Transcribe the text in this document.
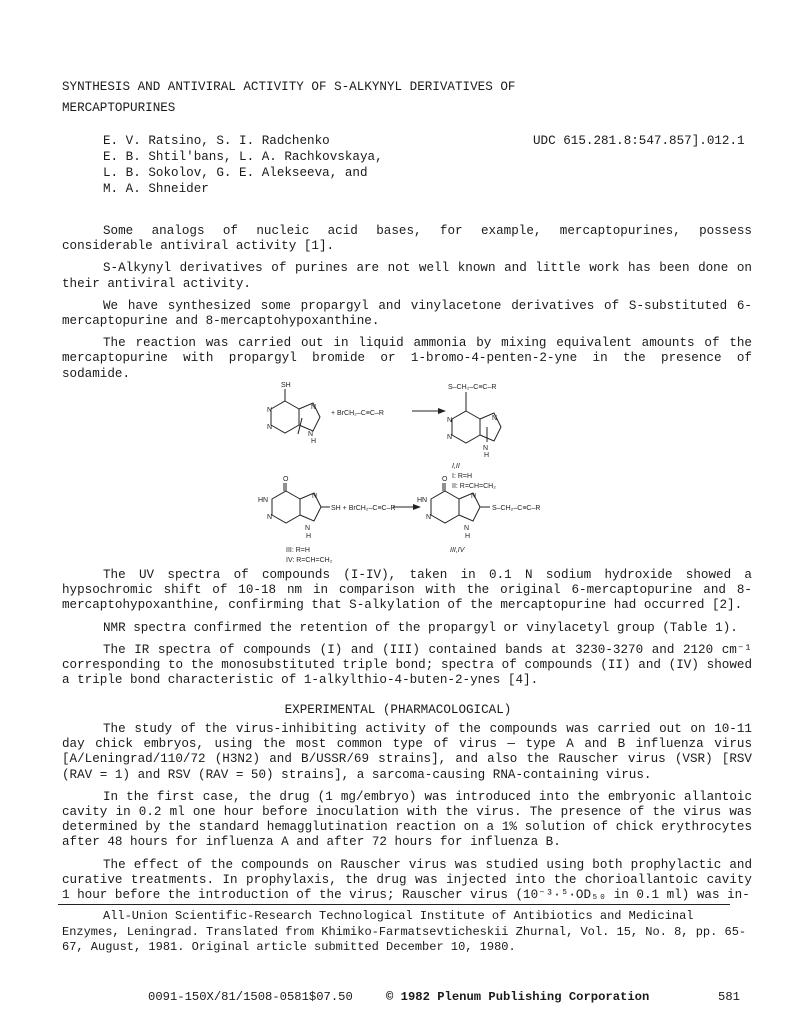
SYNTHESIS AND ANTIVIRAL ACTIVITY OF S-ALKYNYL DERIVATIVES OF
MERCAPTOPURINES
E. V. Ratsino, S. I. Radchenko
E. B. Shtil'bans, L. A. Rachkovskaya,
L. B. Sokolov, G. E. Alekseeva, and
M. A. Shneider
UDC 615.281.8:547.857].012.1

Some analogs of nucleic acid bases, for example, mercaptopurines, possess considerable antiviral activity [1].

S-Alkynyl derivatives of purines are not well known and little work has been done on their antiviral activity.

We have synthesized some propargyl and vinylacetone derivatives of S-substituted 6-mercaptopurine and 8-mercaptohypoxanthine.

The reaction was carried out in liquid ammonia by mixing equivalent amounts of the mercaptopurine with propargyl bromide or 1-bromo-4-penten-2-yne in the presence of sodamide.

SH
N
N
N
N
H
+ BrCH₂–C≡C–R
S–CH₂–C≡C–R
N
N
N
N
H
I,II
I: R=H
II: R=CH=CH₂
O
HN
N
N
N
H
SH + BrCH₂–C≡C–R
III: R=H
IV: R=CH=CH₂
O
HN
N
N
N
H
S–CH₂–C≡C–R
III,IV

The UV spectra of compounds (I-IV), taken in 0.1 N sodium hydroxide showed a hypsochromic shift of 10-18 nm in comparison with the original 6-mercaptopurine and 8-mercaptohypoxanthine, confirming that S-alkylation of the mercaptopurine had occurred [2].

NMR spectra confirmed the retention of the propargyl or vinylacetyl group (Table 1).

The IR spectra of compounds (I) and (III) contained bands at 3230-3270 and 2120 cm⁻¹ corresponding to the monosubstituted triple bond; spectra of compounds (II) and (IV) showed a triple bond characteristic of 1-alkylthio-4-buten-2-ynes [4].

EXPERIMENTAL (PHARMACOLOGICAL)

The study of the virus-inhibiting activity of the compounds was carried out on 10-11 day chick embryos, using the most common type of virus — type A and B influenza virus [A/Leningrad/110/72 (H3N2) and B/USSR/69 strains], and also the Rauscher virus (VSR) [RSV (RAV = 1) and RSV (RAV = 50) strains], a sarcoma-causing RNA-containing virus.

In the first case, the drug (1 mg/embryo) was introduced into the embryonic allantoic cavity in 0.2 ml one hour before inoculation with the virus. The presence of the virus was determined by the standard hemagglutination reaction on a 1% solution of chick erythrocytes after 48 hours for influenza A and after 72 hours for influenza B.

The effect of the compounds on Rauscher virus was studied using both prophylactic and curative treatments. In prophylaxis, the drug was injected into the chorioallantoic cavity 1 hour before the introduction of the virus; Rauscher virus (10⁻³·⁵·OD₅₀ in 0.1 ml) was in-

All-Union Scientific-Research Technological Institute of Antibiotics and Medicinal Enzymes, Leningrad. Translated from Khimiko-Farmatsevticheskii Zhurnal, Vol. 15, No. 8, pp. 65-67, August, 1981. Original article submitted December 10, 1980.

0091-150X/81/1508-0581$07.50	© 1982 Plenum Publishing Corporation	581
